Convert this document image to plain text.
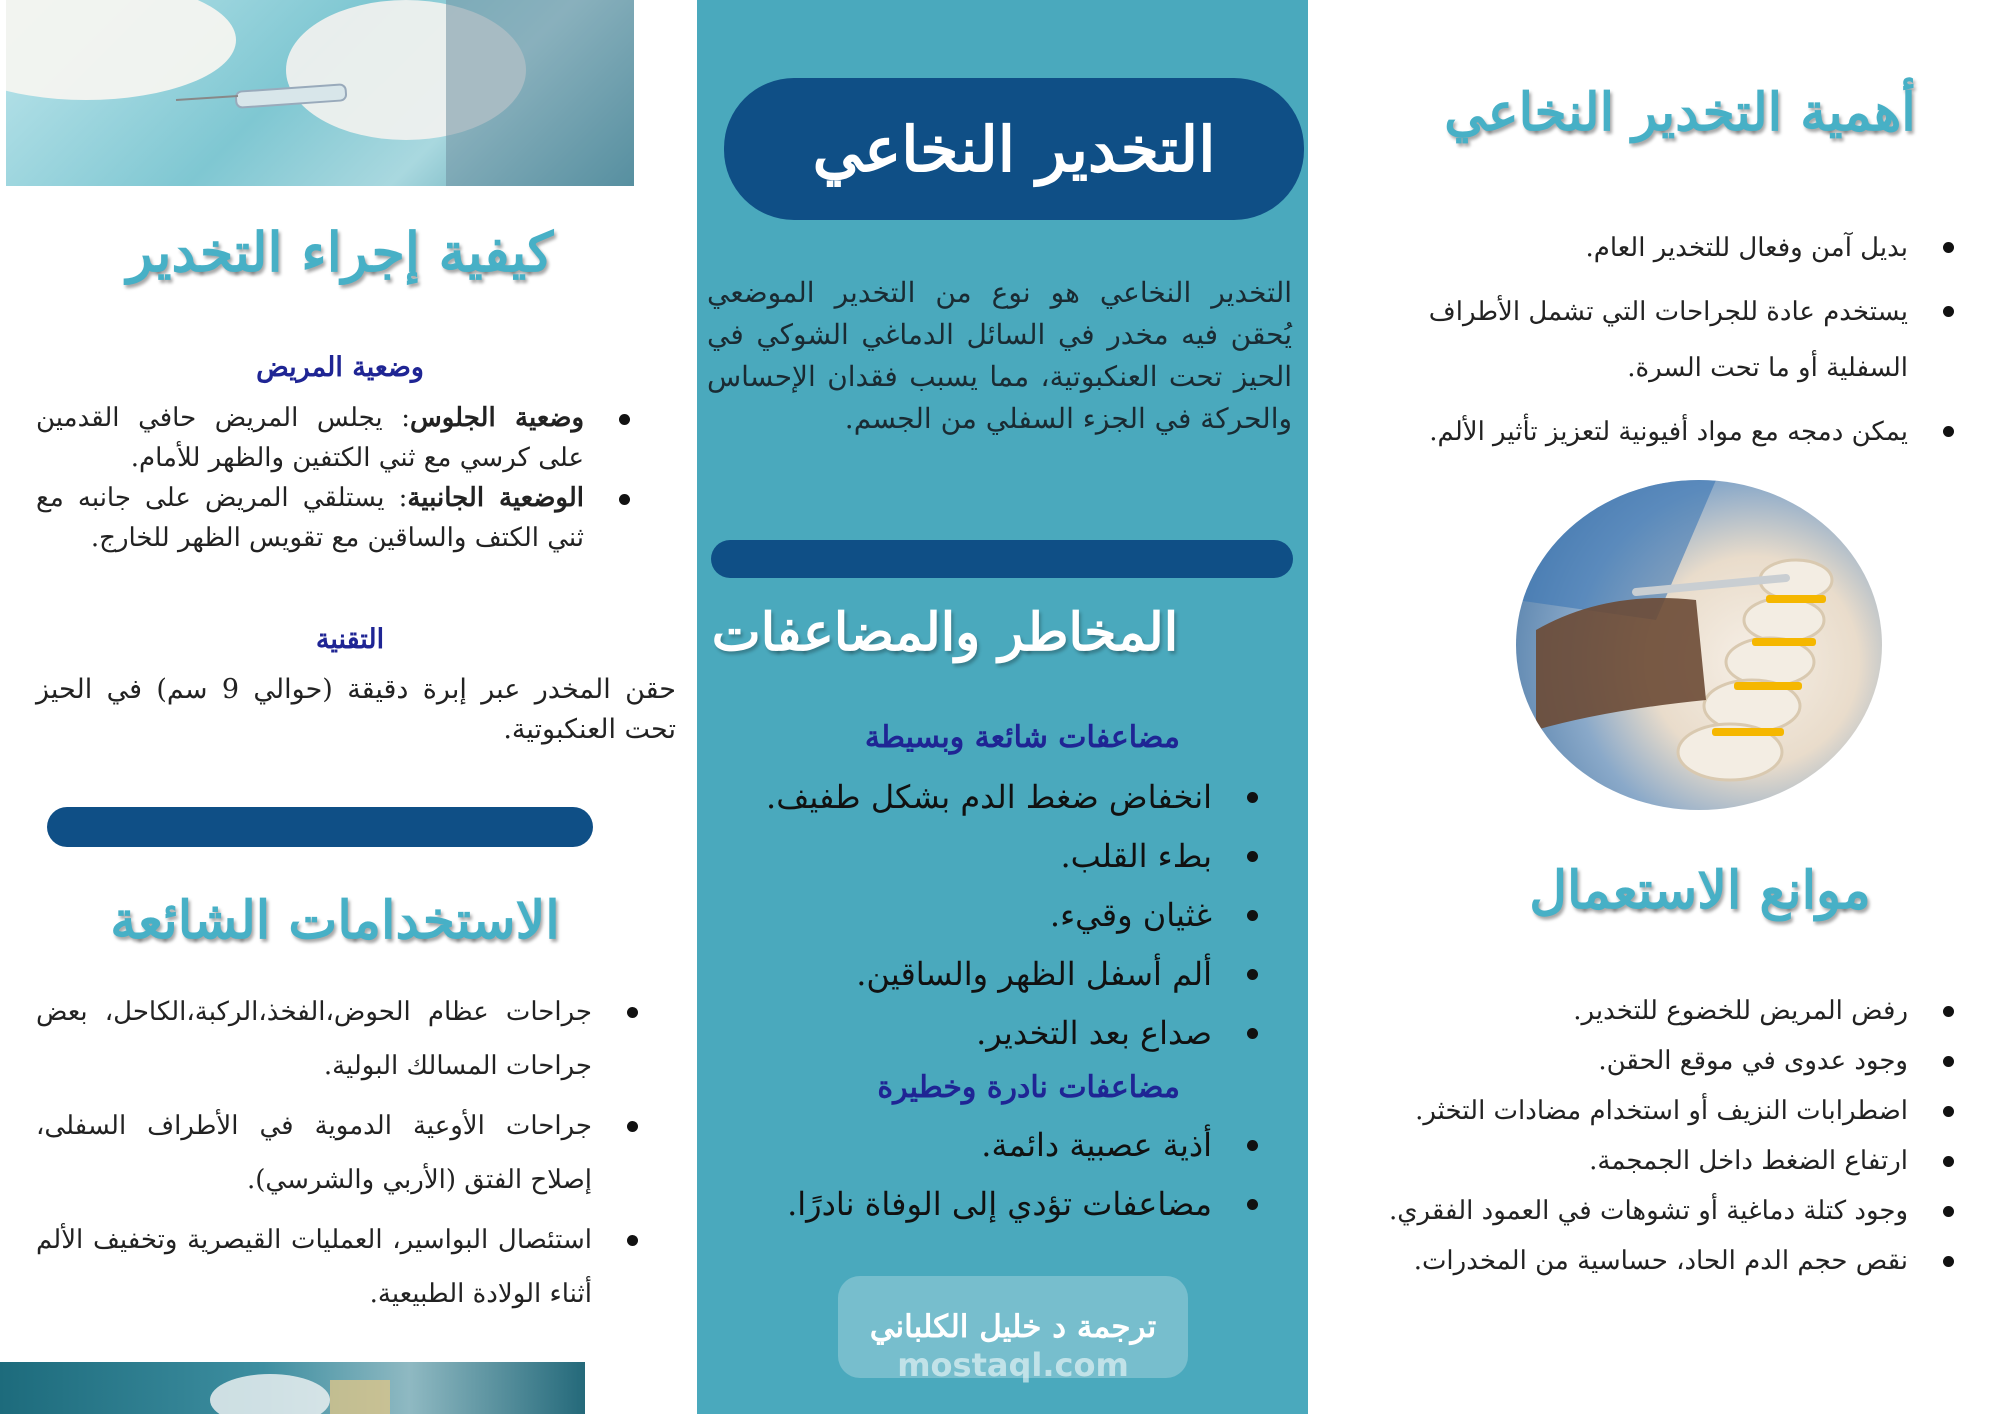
كيفية إجراء التخدير
وضعية المريض
وضعية الجلوس: يجلس المريض حافي القدمين على كرسي مع ثني الكتفين والظهر للأمام.
الوضعية الجانبية: يستلقي المريض على جانبه مع ثني الكتف والساقين مع تقويس الظهر للخارج.
التقنية
حقن المخدر عبر إبرة دقيقة (حوالي 9 سم) في الحيز تحت العنكبوتية.
الاستخدامات الشائعة
جراحات عظام الحوض،الفخذ،الركبة،الكاحل، بعض جراحات المسالك البولية.
جراحات الأوعية الدموية في الأطراف السفلى، إصلاح الفتق (الأربي والشرسي).
استئصال البواسير، العمليات القيصرية وتخفيف الألم أثناء الولادة الطبيعية.
التخدير النخاعي
التخدير النخاعي هو نوع من التخدير الموضعي يُحقن فيه مخدر في السائل الدماغي الشوكي في الحيز تحت العنكبوتية، مما يسبب فقدان الإحساس والحركة في الجزء السفلي من الجسم.
المخاطر والمضاعفات
مضاعفات شائعة وبسيطة
انخفاض ضغط الدم بشكل طفيف.
بطء القلب.
غثيان وقيء.
ألم أسفل الظهر والساقين.
صداع بعد التخدير.
مضاعفات نادرة وخطيرة
أذية عصبية دائمة.
مضاعفات تؤدي إلى الوفاة نادرًا.
ترجمة د خليل الكلباني
mostaql.com
أهمية التخدير النخاعي
بديل آمن وفعال للتخدير العام.
يستخدم عادة للجراحات التي تشمل الأطراف السفلية أو ما تحت السرة.
يمكن دمجه مع مواد أفيونية لتعزيز تأثير الألم.
موانع الاستعمال
رفض المريض للخضوع للتخدير.
وجود عدوى في موقع الحقن.
اضطرابات النزيف أو استخدام مضادات التخثر.
ارتفاع الضغط داخل الجمجمة.
وجود كتلة دماغية أو تشوهات في العمود الفقري.
نقص حجم الدم الحاد، حساسية من المخدرات.
